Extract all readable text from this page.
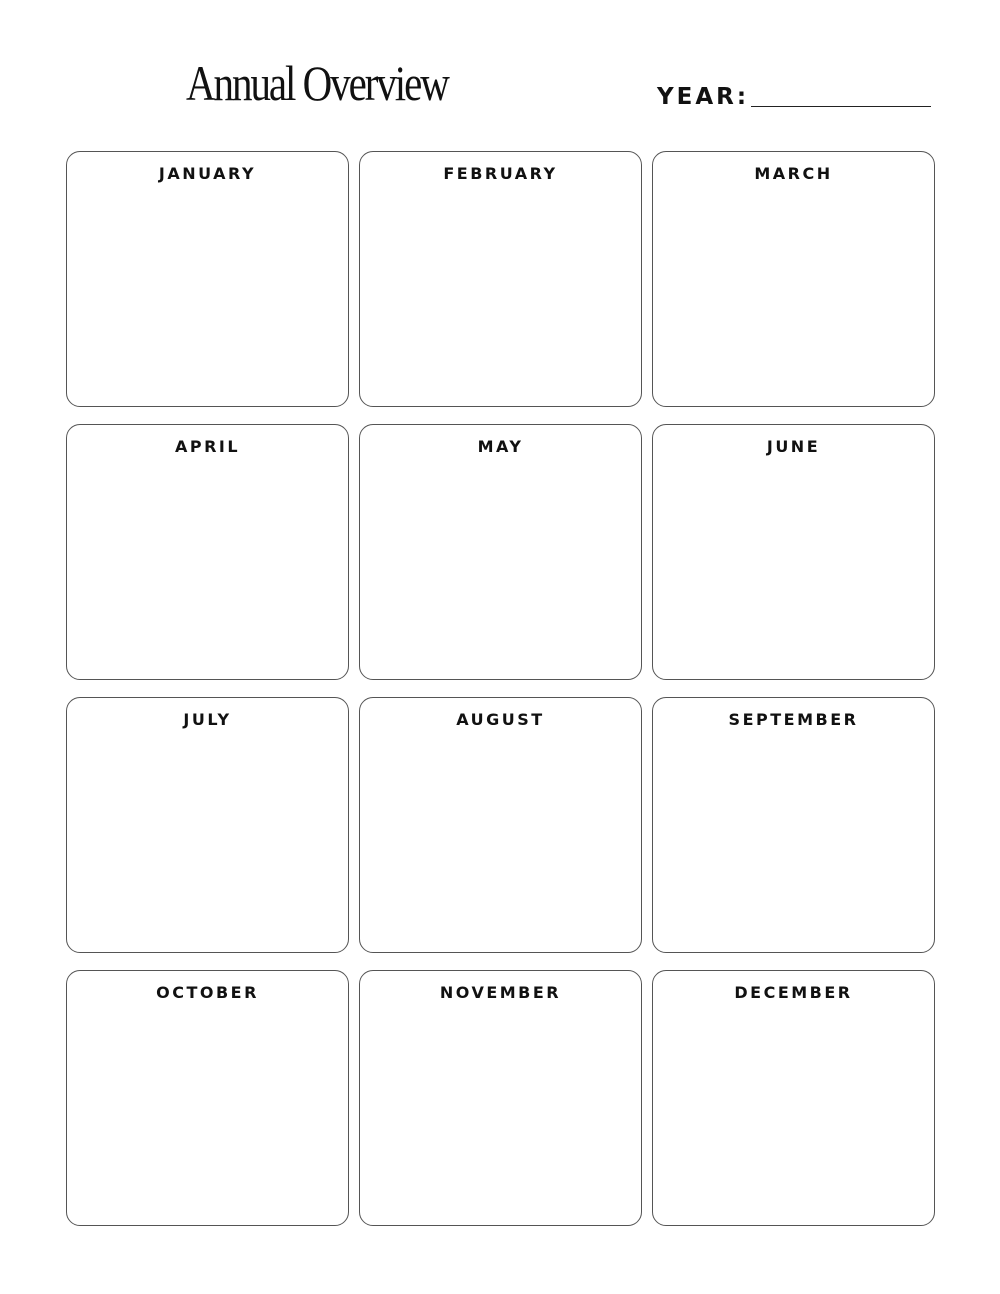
Annual Overview	YEAR:
JANUARY	FEBRUARY	MARCH
APRIL	MAY	JUNE
JULY	AUGUST	SEPTEMBER
OCTOBER	NOVEMBER	DECEMBER
